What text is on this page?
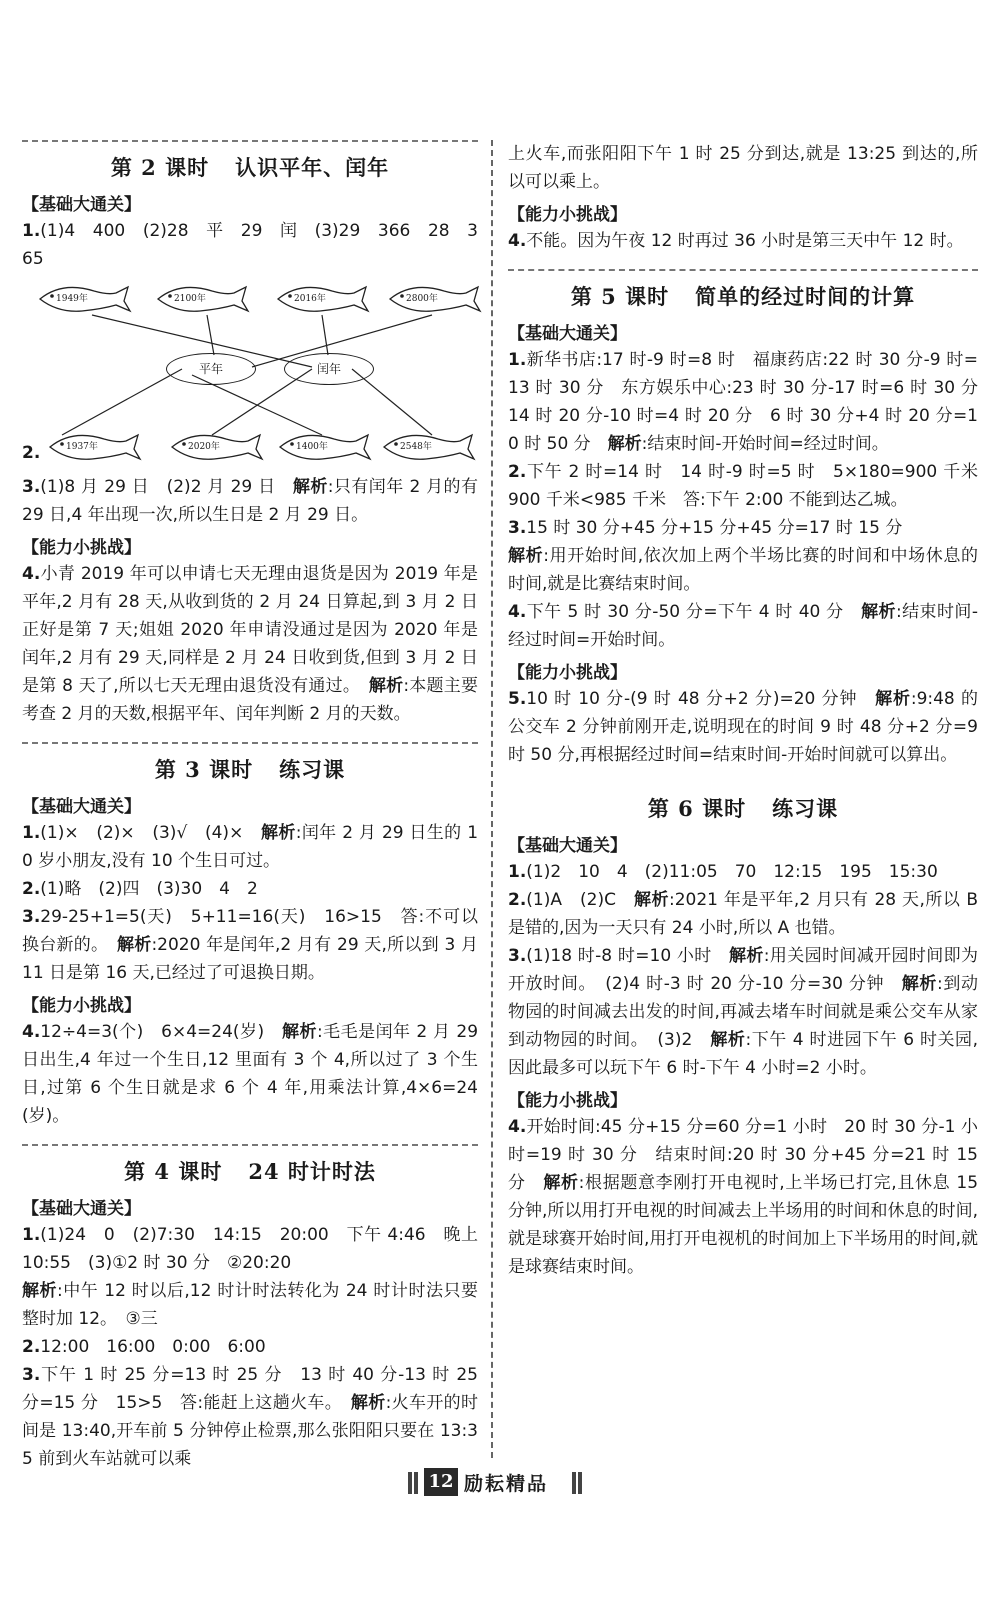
第 2 课时 认识平年、闰年
【基础大通关】

1.(1)4　400　(2)28　平　29　闰　(3)29　366　28　365

1949年	2100年	2016年	2800年
平年	闰年
1937年	2020年	1400年	2548年
2.

3.(1)8 月 29 日　(2)2 月 29 日　解析:只有闰年 2 月的有 29 日,4 年出现一次,所以生日是 2 月 29 日。

【能力小挑战】

4.小青 2019 年可以申请七天无理由退货是因为 2019 年是平年,2 月有 28 天,从收到货的 2 月 24 日算起,到 3 月 2 日正好是第 7 天;姐姐 2020 年申请没通过是因为 2020 年是闰年,2 月有 29 天,同样是 2 月 24 日收到货,但到 3 月 2 日是第 8 天了,所以七天无理由退货没有通过。　解析:本题主要考查 2 月的天数,根据平年、闰年判断 2 月的天数。

第 3 课时 练习课
【基础大通关】

1.(1)×　(2)×　(3)√　(4)×　解析:闰年 2 月 29 日生的 10 岁小朋友,没有 10 个生日可过。

2.(1)略　(2)四　(3)30　4　2

3.29-25+1=5(天)　5+11=16(天)　16>15　答:不可以换台新的。　解析:2020 年是闰年,2 月有 29 天,所以到 3 月 11 日是第 16 天,已经过了可退换日期。

【能力小挑战】

4.12÷4=3(个)　6×4=24(岁)　解析:毛毛是闰年 2 月 29 日出生,4 年过一个生日,12 里面有 3 个 4,所以过了 3 个生日,过第 6 个生日就是求 6 个 4 年,用乘法计算,4×6=24(岁)。

第 4 课时 24 时计时法
【基础大通关】

1.(1)24　0　(2)7:30　14:15　20:00　下午 4:46　晚上 10:55　(3)①2 时 30 分　②20:20
解析:中午 12 时以后,12 时计时法转化为 24 时计时法只要整时加 12。　③三

2.12:00　16:00　0:00　6:00

3.下午 1 时 25 分=13 时 25 分　13 时 40 分-13 时 25 分=15 分　15>5　答:能赶上这趟火车。　解析:火车开的时间是 13:40,开车前 5 分钟停止检票,那么张阳阳只要在 13:35 前到火车站就可以乘

上火车,而张阳阳下午 1 时 25 分到达,就是 13:25 到达的,所以可以乘上。

【能力小挑战】

4.不能。因为午夜 12 时再过 36 小时是第三天中午 12 时。

第 5 课时 简单的经过时间的计算
【基础大通关】

1.新华书店:17 时-9 时=8 时　福康药店:22 时 30 分-9 时=13 时 30 分　东方娱乐中心:23 时 30 分-17 时=6 时 30 分　14 时 20 分-10 时=4 时 20 分　6 时 30 分+4 时 20 分=10 时 50 分　解析:结束时间-开始时间=经过时间。

2.下午 2 时=14 时　14 时-9 时=5 时　5×180=900 千米　900 千米<985 千米　答:下午 2:00 不能到达乙城。

3.15 时 30 分+45 分+15 分+45 分=17 时 15 分
解析:用开始时间,依次加上两个半场比赛的时间和中场休息的时间,就是比赛结束时间。

4.下午 5 时 30 分-50 分=下午 4 时 40 分　解析:结束时间-经过时间=开始时间。

【能力小挑战】

5.10 时 10 分-(9 时 48 分+2 分)=20 分钟　解析:9:48 的公交车 2 分钟前刚开走,说明现在的时间 9 时 48 分+2 分=9 时 50 分,再根据经过时间=结束时间-开始时间就可以算出。

第 6 课时 练习课
【基础大通关】

1.(1)2　10　4　(2)11:05　70　12:15　195　15:30

2.(1)A　(2)C　解析:2021 年是平年,2 月只有 28 天,所以 B 是错的,因为一天只有 24 小时,所以 A 也错。

3.(1)18 时-8 时=10 小时　解析:用关园时间减开园时间即为开放时间。　(2)4 时-3 时 20 分-10 分=30 分钟　解析:到动物园的时间减去出发的时间,再减去堵车时间就是乘公交车从家到动物园的时间。　(3)2　解析:下午 4 时进园下午 6 时关园,因此最多可以玩下午 6 时-下午 4 小时=2 小时。

【能力小挑战】

4.开始时间:45 分+15 分=60 分=1 小时　20 时 30 分-1 小时=19 时 30 分　结束时间:20 时 30 分+45 分=21 时 15 分　解析:根据题意李刚打开电视时,上半场已打完,且休息 15 分钟,所以用打开电视的时间减去上半场用的时间和休息的时间,就是球赛开始时间,用打开电视机的时间加上下半场用的时间,就是球赛结束时间。

12 励耘精品
